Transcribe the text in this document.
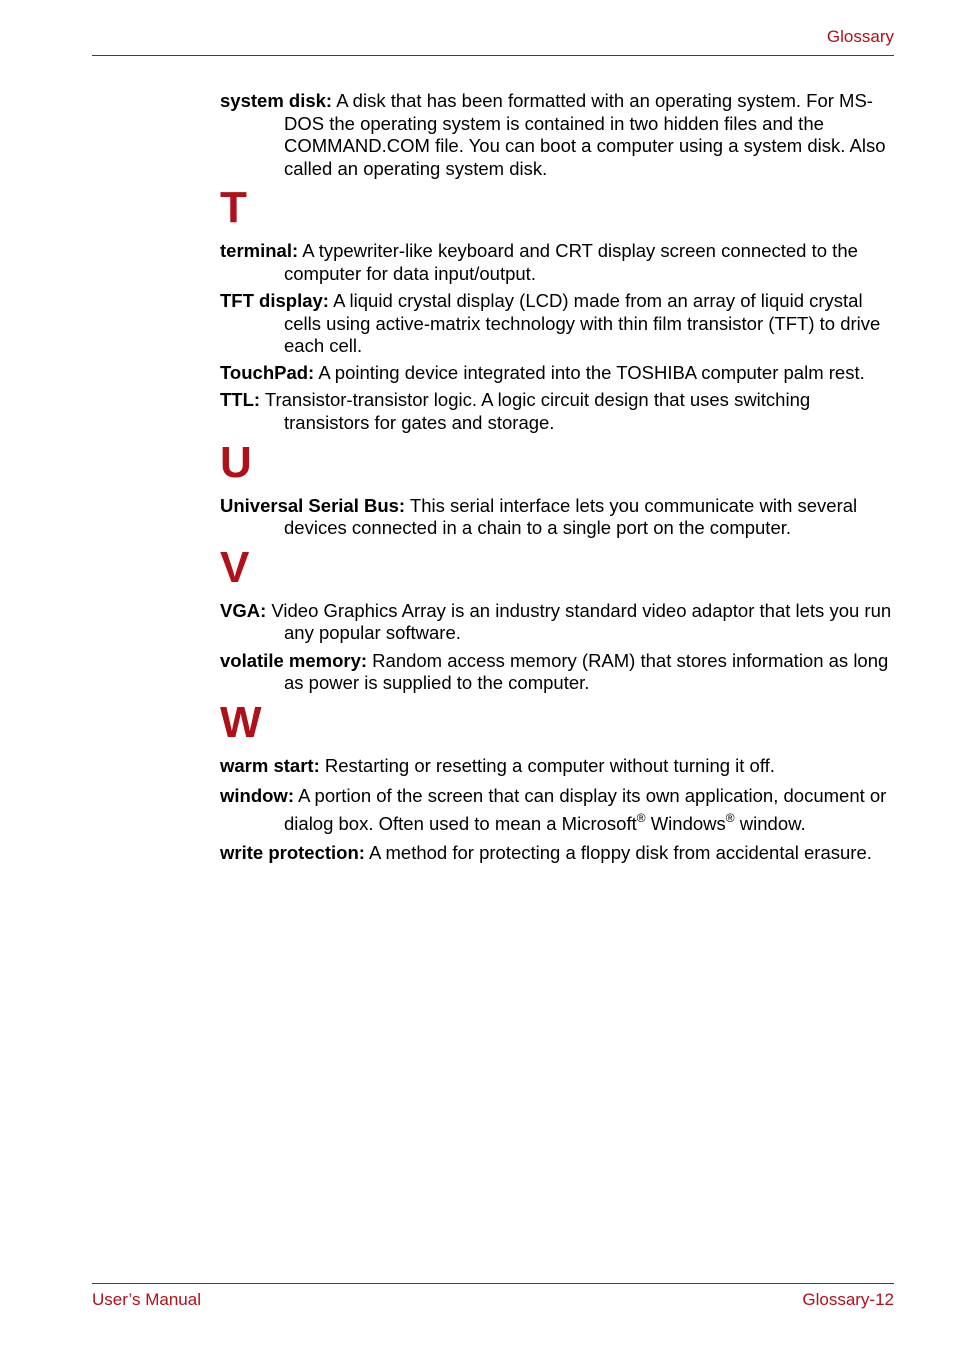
Glossary

system disk: A disk that has been formatted with an operating system. For MS-DOS the operating system is contained in two hidden files and the COMMAND.COM file. You can boot a computer using a system disk. Also called an operating system disk.

T

terminal: A typewriter-like keyboard and CRT display screen connected to the computer for data input/output.

TFT display: A liquid crystal display (LCD) made from an array of liquid crystal cells using active-matrix technology with thin film transistor (TFT) to drive each cell.

TouchPad: A pointing device integrated into the TOSHIBA computer palm rest.

TTL: Transistor-transistor logic. A logic circuit design that uses switching transistors for gates and storage.

U

Universal Serial Bus: This serial interface lets you communicate with several devices connected in a chain to a single port on the computer.

V

VGA: Video Graphics Array is an industry standard video adaptor that lets you run any popular software.

volatile memory: Random access memory (RAM) that stores information as long as power is supplied to the computer.

W

warm start: Restarting or resetting a computer without turning it off.

window: A portion of the screen that can display its own application, document or dialog box. Often used to mean a Microsoft® Windows® window.

write protection: A method for protecting a floppy disk from accidental erasure.

User’s Manual	Glossary-12
